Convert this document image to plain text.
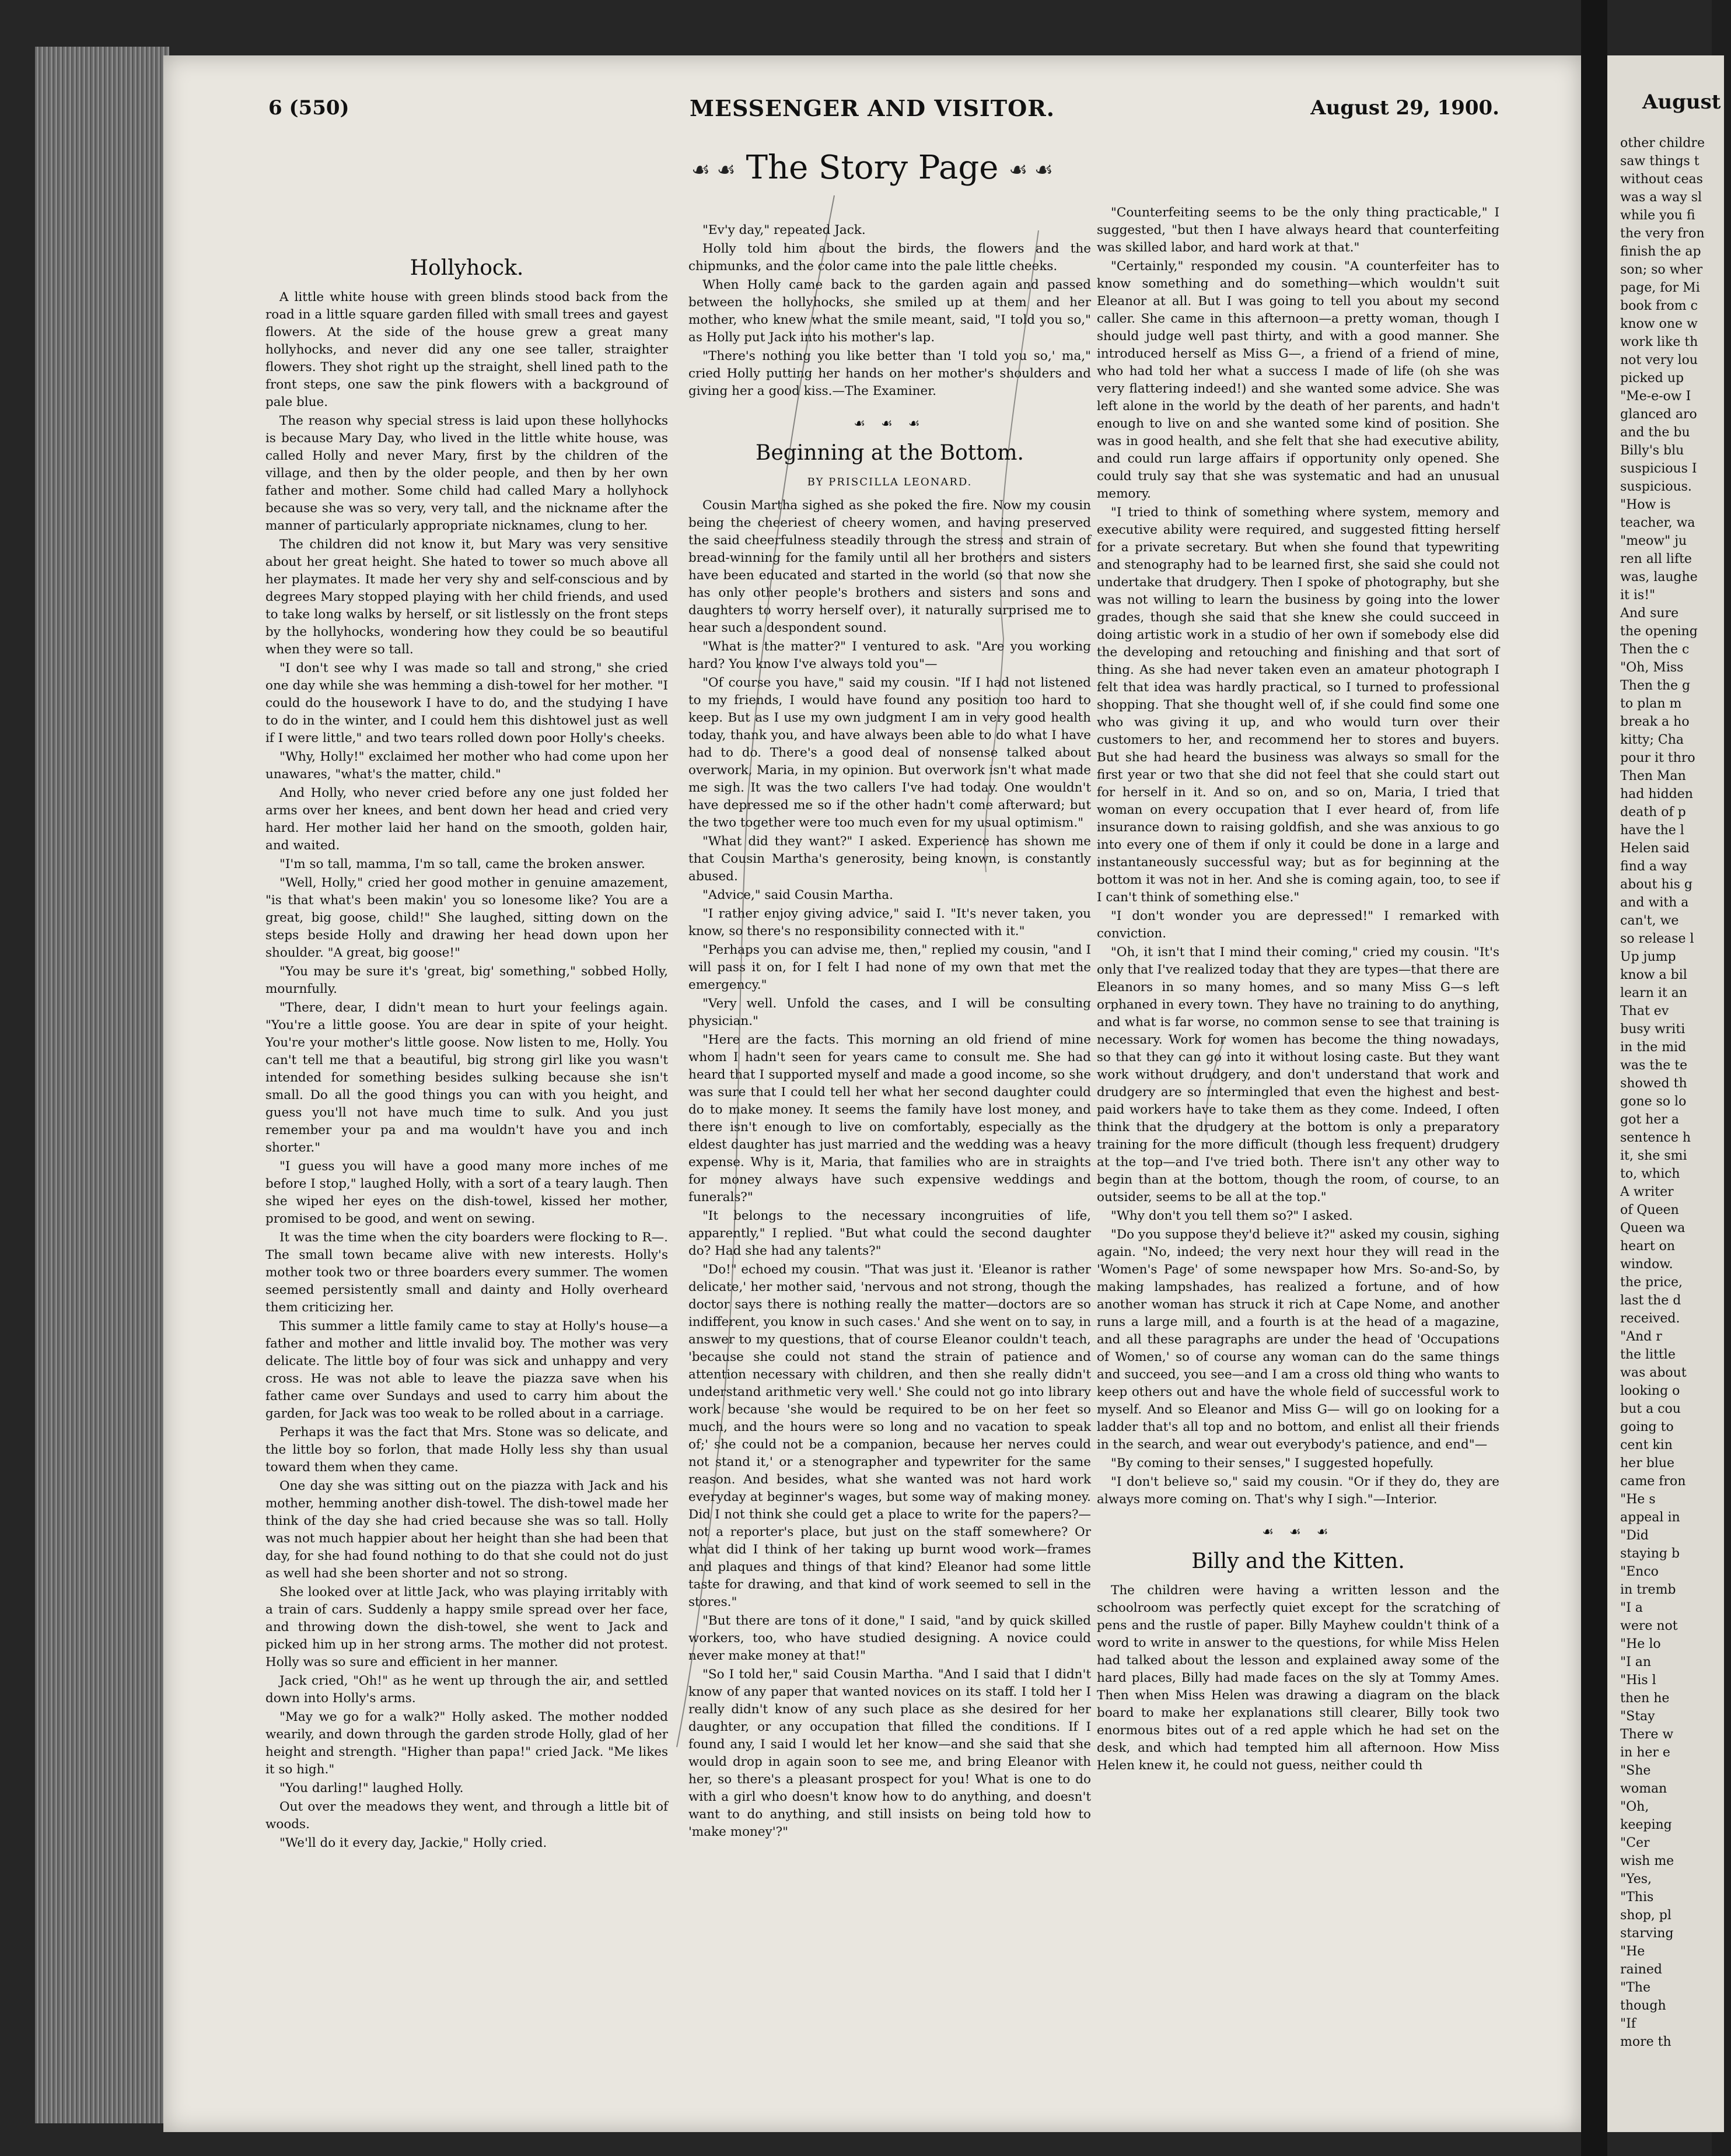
6 (550)	MESSENGER AND VISITOR.	August 29, 1900.
☙ ☙ The Story Page ☙ ☙
Hollyhock.

A little white house with green blinds stood back from the road in a little square garden filled with small trees and gayest flowers. At the side of the house grew a great many hollyhocks, and never did any one see taller, straighter flowers. They shot right up the straight, shell lined path to the front steps, one saw the pink flowers with a background of pale blue.

The reason why special stress is laid upon these hollyhocks is because Mary Day, who lived in the little white house, was called Holly and never Mary, first by the children of the village, and then by the older people, and then by her own father and mother. Some child had called Mary a hollyhock because she was so very, very tall, and the nickname after the manner of particularly appropriate nicknames, clung to her.

The children did not know it, but Mary was very sensitive about her great height. She hated to tower so much above all her playmates. It made her very shy and self-conscious and by degrees Mary stopped playing with her child friends, and used to take long walks by herself, or sit listlessly on the front steps by the hollyhocks, wondering how they could be so beautiful when they were so tall.

"I don't see why I was made so tall and strong," she cried one day while she was hemming a dish-towel for her mother. "I could do the housework I have to do, and the studying I have to do in the winter, and I could hem this dishtowel just as well if I were little," and two tears rolled down poor Holly's cheeks.

"Why, Holly!" exclaimed her mother who had come upon her unawares, "what's the matter, child."

And Holly, who never cried before any one just folded her arms over her knees, and bent down her head and cried very hard. Her mother laid her hand on the smooth, golden hair, and waited.

"I'm so tall, mamma, I'm so tall, came the broken answer.

"Well, Holly," cried her good mother in genuine amazement, "is that what's been makin' you so lonesome like? You are a great, big goose, child!" She laughed, sitting down on the steps beside Holly and drawing her head down upon her shoulder. "A great, big goose!"

"You may be sure it's 'great, big' something," sobbed Holly, mournfully.

"There, dear, I didn't mean to hurt your feelings again. "You're a little goose. You are dear in spite of your height. You're your mother's little goose. Now listen to me, Holly. You can't tell me that a beautiful, big strong girl like you wasn't intended for something besides sulking because she isn't small. Do all the good things you can with you height, and guess you'll not have much time to sulk. And you just remember your pa and ma wouldn't have you and inch shorter."

"I guess you will have a good many more inches of me before I stop," laughed Holly, with a sort of a teary laugh. Then she wiped her eyes on the dish-towel, kissed her mother, promised to be good, and went on sewing.

It was the time when the city boarders were flocking to R—. The small town became alive with new interests. Holly's mother took two or three boarders every summer. The women seemed persistently small and dainty and Holly overheard them criticizing her.

This summer a little family came to stay at Holly's house—a father and mother and little invalid boy. The mother was very delicate. The little boy of four was sick and unhappy and very cross. He was not able to leave the piazza save when his father came over Sundays and used to carry him about the garden, for Jack was too weak to be rolled about in a carriage.

Perhaps it was the fact that Mrs. Stone was so delicate, and the little boy so forlon, that made Holly less shy than usual toward them when they came.

One day she was sitting out on the piazza with Jack and his mother, hemming another dish-towel. The dish-towel made her think of the day she had cried because she was so tall. Holly was not much happier about her height than she had been that day, for she had found nothing to do that she could not do just as well had she been shorter and not so strong.

She looked over at little Jack, who was playing irritably with a train of cars. Suddenly a happy smile spread over her face, and throwing down the dish-towel, she went to Jack and picked him up in her strong arms. The mother did not protest. Holly was so sure and efficient in her manner.

Jack cried, "Oh!" as he went up through the air, and settled down into Holly's arms.

"May we go for a walk?" Holly asked. The mother nodded wearily, and down through the garden strode Holly, glad of her height and strength. "Higher than papa!" cried Jack. "Me likes it so high."

"You darling!" laughed Holly.

Out over the meadows they went, and through a little bit of woods.

"We'll do it every day, Jackie," Holly cried.

"Ev'y day," repeated Jack.

Holly told him about the birds, the flowers and the chipmunks, and the color came into the pale little cheeks.

When Holly came back to the garden again and passed between the hollyhocks, she smiled up at them and her mother, who knew what the smile meant, said, "I told you so," as Holly put Jack into his mother's lap.

"There's nothing you like better than 'I told you so,' ma," cried Holly putting her hands on her mother's shoulders and giving her a good kiss.—The Examiner.

☙ ☙ ☙
Beginning at the Bottom.
BY PRISCILLA LEONARD.

Cousin Martha sighed as she poked the fire. Now my cousin being the cheeriest of cheery women, and having preserved the said cheerfulness steadily through the stress and strain of bread-winning for the family until all her brothers and sisters have been educated and started in the world (so that now she has only other people's brothers and sisters and sons and daughters to worry herself over), it naturally surprised me to hear such a despondent sound.

"What is the matter?" I ventured to ask. "Are you working hard? You know I've always told you"—

"Of course you have," said my cousin. "If I had not listened to my friends, I would have found any position too hard to keep. But as I use my own judgment I am in very good health today, thank you, and have always been able to do what I have had to do. There's a good deal of nonsense talked about overwork, Maria, in my opinion. But overwork isn't what made me sigh. It was the two callers I've had today. One wouldn't have depressed me so if the other hadn't come afterward; but the two together were too much even for my usual optimism."

"What did they want?" I asked. Experience has shown me that Cousin Martha's generosity, being known, is constantly abused.

"Advice," said Cousin Martha.

"I rather enjoy giving advice," said I. "It's never taken, you know, so there's no responsibility connected with it."

"Perhaps you can advise me, then," replied my cousin, "and I will pass it on, for I felt I had none of my own that met the emergency."

"Very well. Unfold the cases, and I will be consulting physician."

"Here are the facts. This morning an old friend of mine whom I hadn't seen for years came to consult me. She had heard that I supported myself and made a good income, so she was sure that I could tell her what her second daughter could do to make money. It seems the family have lost money, and there isn't enough to live on comfortably, especially as the eldest daughter has just married and the wedding was a heavy expense. Why is it, Maria, that families who are in straights for money always have such expensive weddings and funerals?"

"It belongs to the necessary incongruities of life, apparently," I replied. "But what could the second daughter do? Had she had any talents?"

"Do!" echoed my cousin. "That was just it. 'Eleanor is rather delicate,' her mother said, 'nervous and not strong, though the doctor says there is nothing really the matter—doctors are so indifferent, you know in such cases.' And she went on to say, in answer to my questions, that of course Eleanor couldn't teach, 'because she could not stand the strain of patience and attention necessary with children, and then she really didn't understand arithmetic very well.' She could not go into library work because 'she would be required to be on her feet so much, and the hours were so long and no vacation to speak of;' she could not be a companion, because her nerves could not stand it,' or a stenographer and typewriter for the same reason. And besides, what she wanted was not hard work everyday at beginner's wages, but some way of making money. Did I not think she could get a place to write for the papers?—not a reporter's place, but just on the staff somewhere? Or what did I think of her taking up burnt wood work—frames and plaques and things of that kind? Eleanor had some little taste for drawing, and that kind of work seemed to sell in the stores."

"But there are tons of it done," I said, "and by quick skilled workers, too, who have studied designing. A novice could never make money at that!"

"So I told her," said Cousin Martha. "And I said that I didn't know of any paper that wanted novices on its staff. I told her I really didn't know of any such place as she desired for her daughter, or any occupation that filled the conditions. If I found any, I said I would let her know—and she said that she would drop in again soon to see me, and bring Eleanor with her, so there's a pleasant prospect for you! What is one to do with a girl who doesn't know how to do anything, and doesn't want to do anything, and still insists on being told how to 'make money'?"

"Counterfeiting seems to be the only thing practicable," I suggested, "but then I have always heard that counterfeiting was skilled labor, and hard work at that."

"Certainly," responded my cousin. "A counterfeiter has to know something and do something—which wouldn't suit Eleanor at all. But I was going to tell you about my second caller. She came in this afternoon—a pretty woman, though I should judge well past thirty, and with a good manner. She introduced herself as Miss G—, a friend of a friend of mine, who had told her what a success I made of life (oh she was very flattering indeed!) and she wanted some advice. She was left alone in the world by the death of her parents, and hadn't enough to live on and she wanted some kind of position. She was in good health, and she felt that she had executive ability, and could run large affairs if opportunity only opened. She could truly say that she was systematic and had an unusual memory.

"I tried to think of something where system, memory and executive ability were required, and suggested fitting herself for a private secretary. But when she found that typewriting and stenography had to be learned first, she said she could not undertake that drudgery. Then I spoke of photography, but she was not willing to learn the business by going into the lower grades, though she said that she knew she could succeed in doing artistic work in a studio of her own if somebody else did the developing and retouching and finishing and that sort of thing. As she had never taken even an amateur photograph I felt that idea was hardly practical, so I turned to professional shopping. That she thought well of, if she could find some one who was giving it up, and who would turn over their customers to her, and recommend her to stores and buyers. But she had heard the business was always so small for the first year or two that she did not feel that she could start out for herself in it. And so on, and so on, Maria, I tried that woman on every occupation that I ever heard of, from life insurance down to raising goldfish, and she was anxious to go into every one of them if only it could be done in a large and instantaneously successful way; but as for beginning at the bottom it was not in her. And she is coming again, too, to see if I can't think of something else."

"I don't wonder you are depressed!" I remarked with conviction.

"Oh, it isn't that I mind their coming," cried my cousin. "It's only that I've realized today that they are types—that there are Eleanors in so many homes, and so many Miss G—s left orphaned in every town. They have no training to do anything, and what is far worse, no common sense to see that training is necessary. Work for women has become the thing nowadays, so that they can go into it without losing caste. But they want work without drudgery, and don't understand that work and drudgery are so intermingled that even the highest and best-paid workers have to take them as they come. Indeed, I often think that the drudgery at the bottom is only a preparatory training for the more difficult (though less frequent) drudgery at the top—and I've tried both. There isn't any other way to begin than at the bottom, though the room, of course, to an outsider, seems to be all at the top."

"Why don't you tell them so?" I asked.

"Do you suppose they'd believe it?" asked my cousin, sighing again. "No, indeed; the very next hour they will read in the 'Women's Page' of some newspaper how Mrs. So-and-So, by making lampshades, has realized a fortune, and of how another woman has struck it rich at Cape Nome, and another runs a large mill, and a fourth is at the head of a magazine, and all these paragraphs are under the head of 'Occupations of Women,' so of course any woman can do the same things and succeed, you see—and I am a cross old thing who wants to keep others out and have the whole field of successful work to myself. And so Eleanor and Miss G— will go on looking for a ladder that's all top and no bottom, and enlist all their friends in the search, and wear out everybody's patience, and end"—

"By coming to their senses," I suggested hopefully.

"I don't believe so," said my cousin. "Or if they do, they are always more coming on. That's why I sigh."—Interior.

☙ ☙ ☙
Billy and the Kitten.

The children were having a written lesson and the schoolroom was perfectly quiet except for the scratching of pens and the rustle of paper. Billy Mayhew couldn't think of a word to write in answer to the questions, for while Miss Helen had talked about the lesson and explained away some of the hard places, Billy had made faces on the sly at Tommy Ames. Then when Miss Helen was drawing a diagram on the black board to make her explanations still clearer, Billy took two enormous bites out of a red apple which he had set on the desk, and which had tempted him all afternoon. How Miss Helen knew it, he could not guess, neither could th

August
other childre
saw things t
without ceas
was a way sl
while you fi
the very fron
finish the ap
son; so wher
page, for Mi
book from c
know one w
work like th
not very lou
picked up
"Me-e-ow I
glanced aro
and the bu
Billy's blu
suspicious I
suspicious.
"How is
teacher, wa
"meow" ju
ren all lifte
was, laughe
it is!"
And sure
the opening
Then the c
"Oh, Miss
Then the g
to plan m
break a ho
kitty; Cha
pour it thro
Then Man
had hidden
death of p
have the l
Helen said
find a way
about his g
and with a
can't, we
so release l
Up jump
know a bil
learn it an
That ev
busy writi
in the mid
was the te
showed th
gone so lo
got her a
sentence h
it, she smi
to, which
A writer
of Queen
Queen wa
heart on
window.
the price,
last the d
received.
"And r
the little
was about
looking o
but a cou
going to
cent kin
her blue
came fron
"He s
appeal in
"Did
staying b
"Enco
in tremb
"I a
were not
"He lo
"I an
"His l
then he
"Stay
There w
in her e
"She
woman
"Oh,
keeping
"Cer
wish me
"Yes,
"This
shop, pl
starving
"He
rained
"The
though
"If
more th
